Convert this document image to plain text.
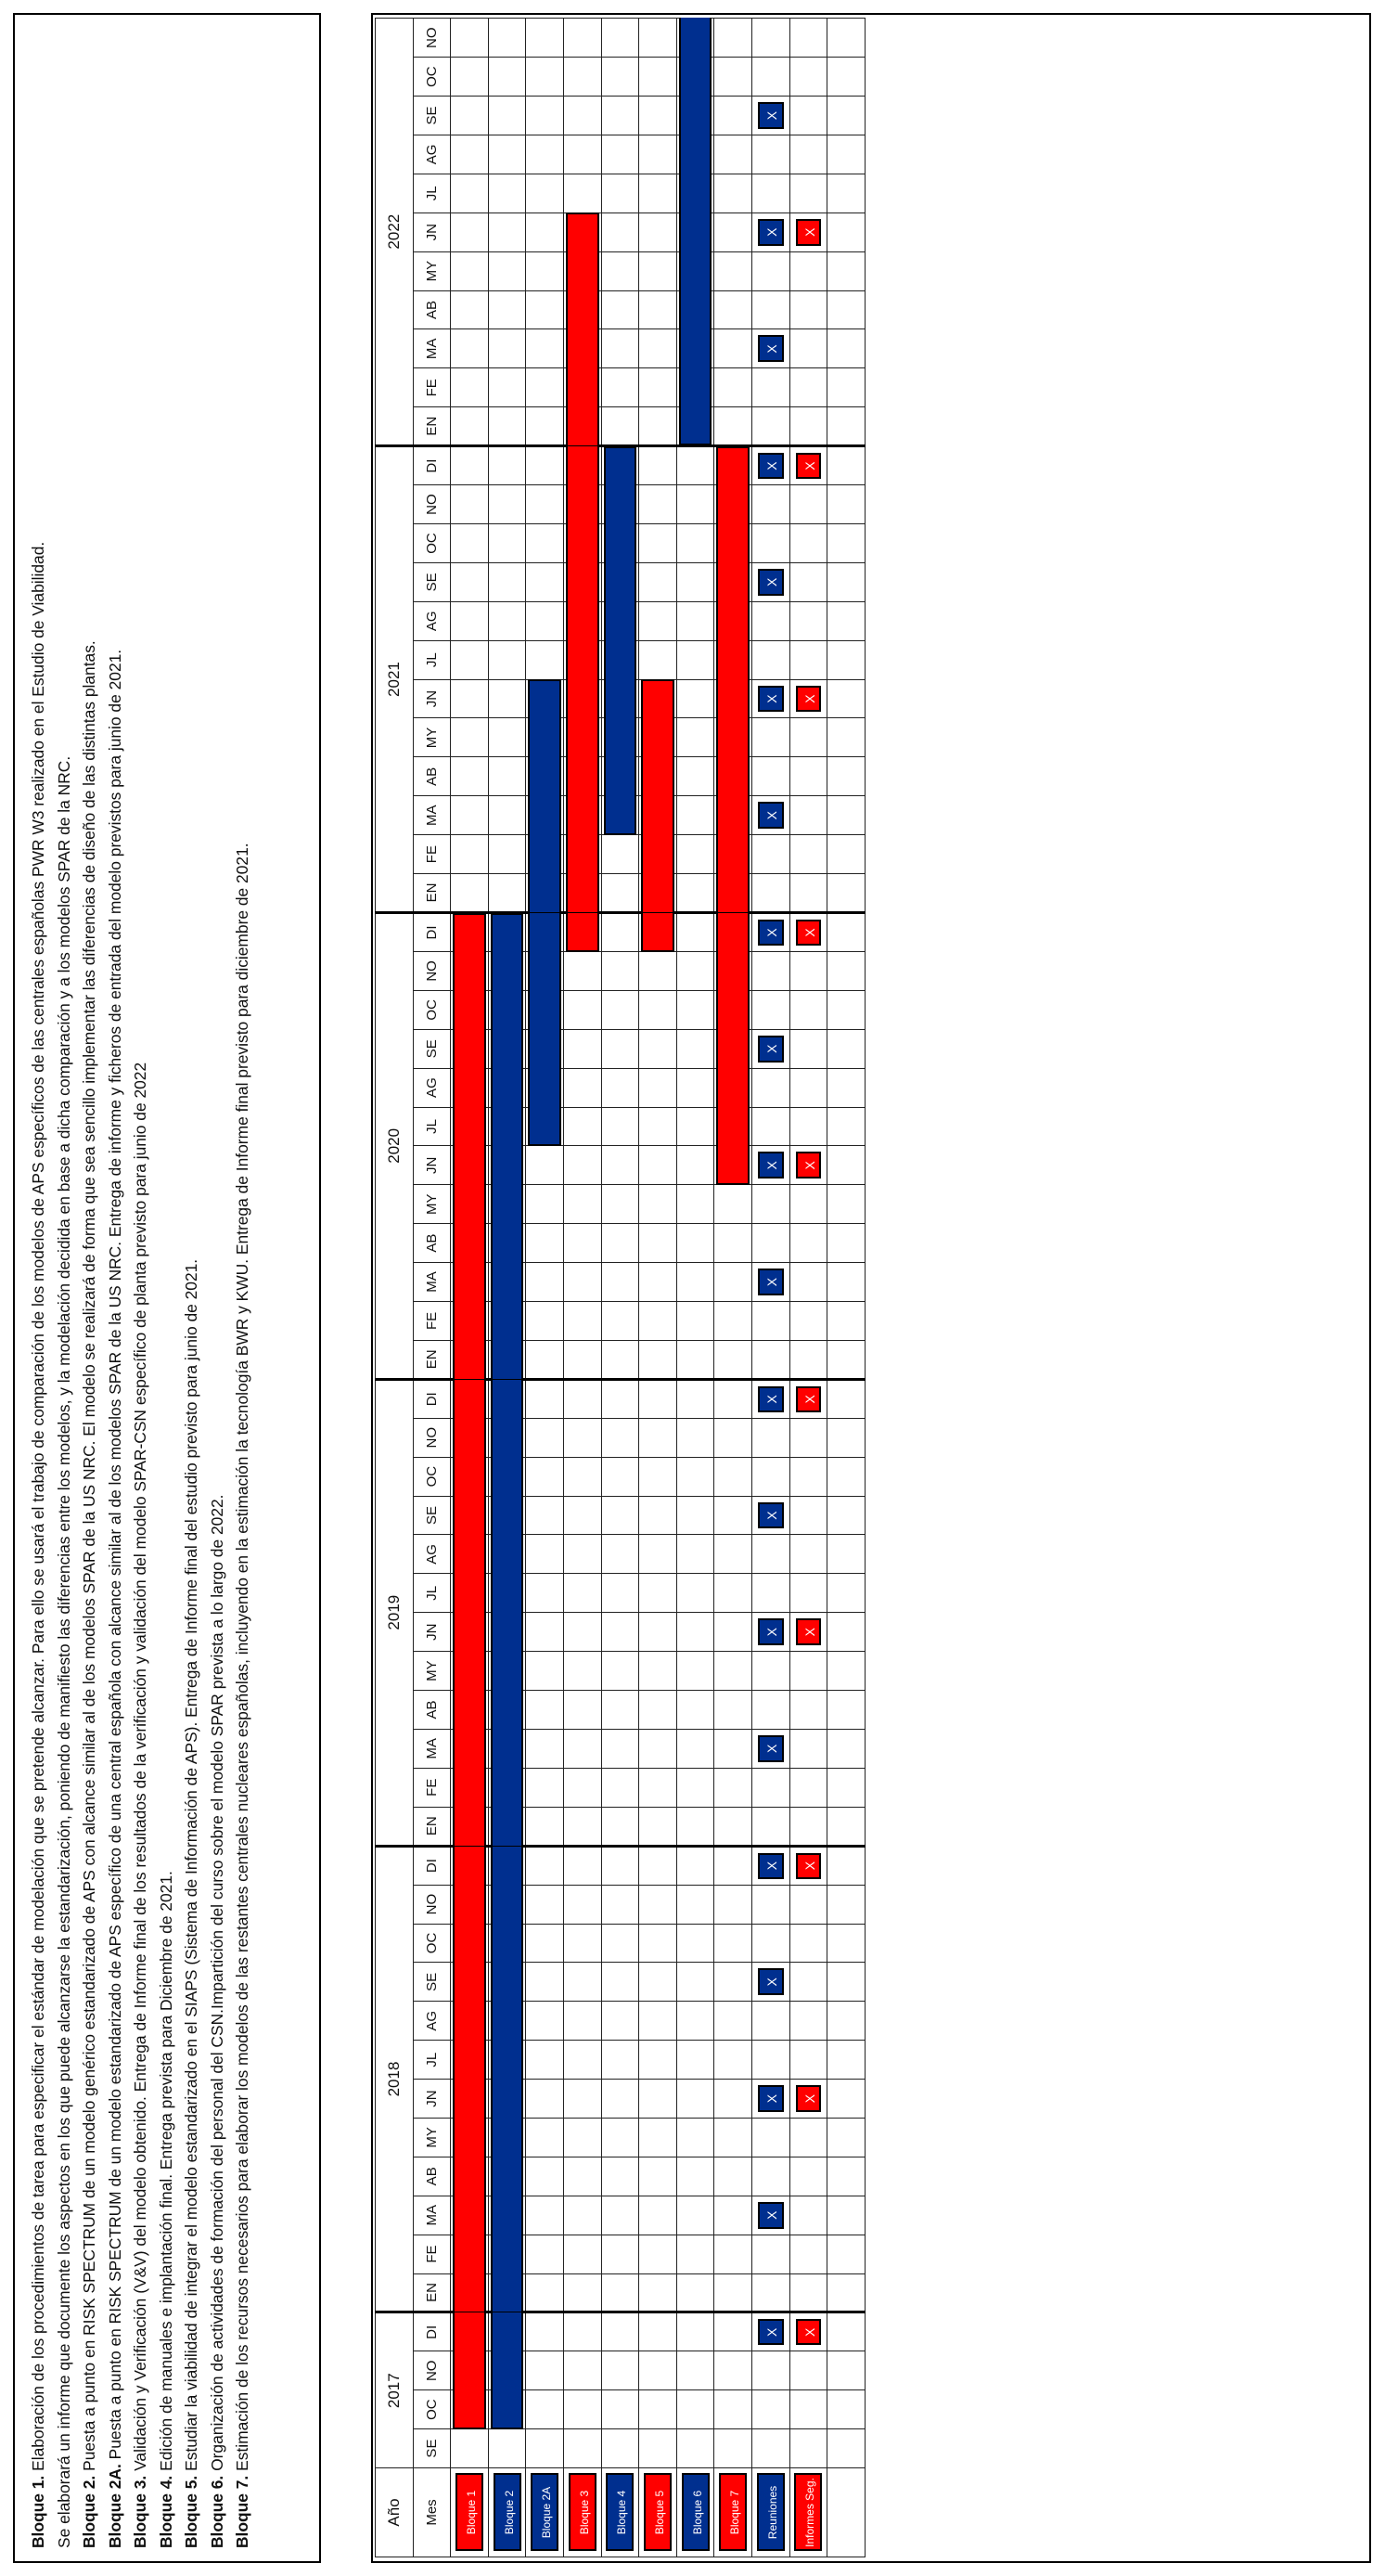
Bloque 1. Elaboración de los procedimientos de tarea para especificar el estándar de modelación que se pretende alcanzar. Para ello se usará el trabajo de comparación de los modelos de APS específicos de las centrales españolas PWR W3 realizado en el Estudio de Viabilidad. Se elaborará un informe que documente los aspectos en los que puede alcanzarse la estandarización, poniendo de manifiesto las diferencias entre los modelos, y la modelación decidida en base a dicha comparación y a los modelos SPAR de la NRC. Bloque 2. Puesta a punto en RISK SPECTRUM de un modelo genérico estandarizado de APS con alcance similar al de los modelos SPAR de la US NRC. El modelo se realizará de forma que sea sencillo implementar las diferencias de diseño de las distintas plantas.

Bloque 2A. Puesta a punto en RISK SPECTRUM de un modelo estandarizado de APS específico de una central española con alcance similar al de los modelos SPAR de la US NRC. Entrega de informe y ficheros de entrada del modelo previstos para junio de 2021.

Bloque 3. Validación y Verificación (V&V) del modelo obtenido. Entrega de Informe final de los resultados de la verificación y validación del modelo SPAR-CSN específico de planta previsto para junio de 2022

Bloque 4. Edición de manuales e implantación final. Entrega prevista para Diciembre de 2021.

Bloque 5. Estudiar la viabilidad de integrar el modelo estandarizado en el SIAPS (Sistema de Información de APS). Entrega de Informe final del estudio previsto para junio de 2021.

Bloque 6. Organización de actividades de formación del personal del CSN.Impartición del curso sobre el modelo SPAR prevista a lo largo de 2022.

Bloque 7. Estimación de los recursos necesarios para elaborar los modelos de las restantes centrales nucleares españolas, incluyendo en la estimación la tecnología BWR y KWU. Entrega de Informe final previsto para diciembre de 2021.

Año	2017				2018												2019												2020												2021												2022										
Mes	SE	OC	NO	DI	EN	FE	MA	AB	MY	JN	JL	AG	SE	OC	NO	DI	EN	FE	MA	AB	MY	JN	JL	AG	SE	OC	NO	DI	EN	FE	MA	AB	MY	JN	JL	AG	SE	OC	NO	DI	EN	FE	MA	AB	MY	JN	JL	AG	SE	OC	NO	DI	EN	FE	MA	AB	MY	JN	JL	AG	SE	OC	NO

Bloque 1																																																															

Bloque 2																																																															

Bloque 2A																																																															

Bloque 3																																																															

Bloque 4																																																															

Bloque 5																																																															

Bloque 6																																																															

Bloque 7																																																															

Reuniones				X			X			X			X			X			X			X			X			X			X			X			X			X			X			X			X			X			X			X			X		

Informes Seg.				X						X						X						X						X						X						X						X						X						X					
